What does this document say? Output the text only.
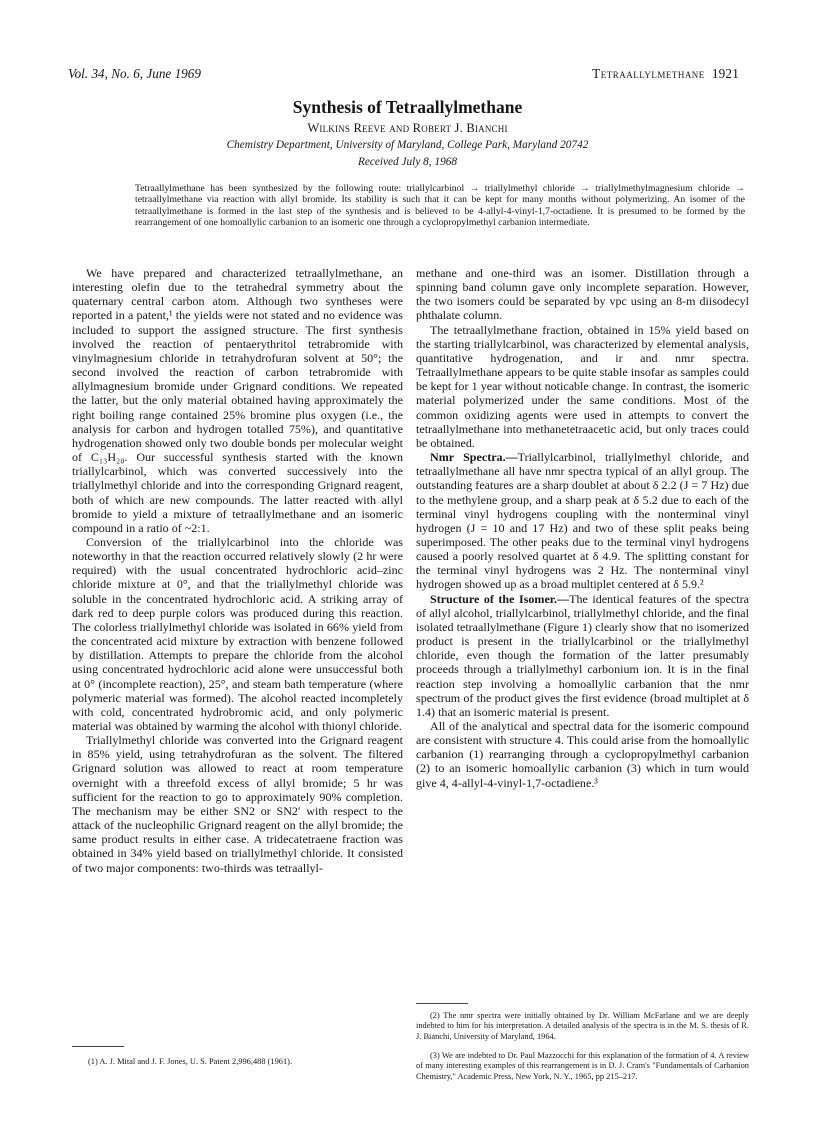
Vol. 34, No. 6, June 1969	Tetraallylmethane 1921
Synthesis of Tetraallylmethane
Wilkins Reeve and Robert J. Bianchi
Chemistry Department, University of Maryland, College Park, Maryland 20742
Received July 8, 1968

Tetraallylmethane has been synthesized by the following route: triallylcarbinol → triallylmethyl chloride → triallylmethylmagnesium chloride → tetraallylmethane via reaction with allyl bromide. Its stability is such that it can be kept for many months without polymerizing. An isomer of the tetraallylmethane is formed in the last step of the synthesis and is believed to be 4-allyl-4-vinyl-1,7-octadiene. It is presumed to be formed by the rearrangement of one homoallylic carbanion to an isomeric one through a cyclopropylmethyl carbanion intermediate.

We have prepared and characterized tetraallylmethane, an interesting olefin due to the tetrahedral symmetry about the quaternary central carbon atom. Although two syntheses were reported in a patent,¹ the yields were not stated and no evidence was included to support the assigned structure. The first synthesis involved the reaction of pentaerythritol tetrabromide with vinylmagnesium chloride in tetrahydrofuran solvent at 50°; the second involved the reaction of carbon tetrabromide with allylmagnesium bromide under Grignard conditions. We repeated the latter, but the only material obtained having approximately the right boiling range contained 25% bromine plus oxygen (i.e., the analysis for carbon and hydrogen totalled 75%), and quantitative hydrogenation showed only two double bonds per molecular weight of C₁₃H₂₀. Our successful synthesis started with the known triallylcarbinol, which was converted successively into the triallylmethyl chloride and into the corresponding Grignard reagent, both of which are new compounds. The latter reacted with allyl bromide to yield a mixture of tetraallylmethane and an isomeric compound in a ratio of ~2:1.

Conversion of the triallylcarbinol into the chloride was noteworthy in that the reaction occurred relatively slowly (2 hr were required) with the usual concentrated hydrochloric acid–zinc chloride mixture at 0°, and that the triallylmethyl chloride was soluble in the concentrated hydrochloric acid. A striking array of dark red to deep purple colors was produced during this reaction. The colorless triallylmethyl chloride was isolated in 66% yield from the concentrated acid mixture by extraction with benzene followed by distillation. Attempts to prepare the chloride from the alcohol using concentrated hydrochloric acid alone were unsuccessful both at 0° (incomplete reaction), 25°, and steam bath temperature (where polymeric material was formed). The alcohol reacted incompletely with cold, concentrated hydrobromic acid, and only polymeric material was obtained by warming the alcohol with thionyl chloride.

Triallylmethyl chloride was converted into the Grignard reagent in 85% yield, using tetrahydrofuran as the solvent. The filtered Grignard solution was allowed to react at room temperature overnight with a threefold excess of allyl bromide; 5 hr was sufficient for the reaction to go to approximately 90% completion. The mechanism may be either SN2 or SN2′ with respect to the attack of the nucleophilic Grignard reagent on the allyl bromide; the same product results in either case. A tridecatetraene fraction was obtained in 34% yield based on triallylmethyl chloride. It consisted of two major components: two-thirds was tetraallyl-

methane and one-third was an isomer. Distillation through a spinning band column gave only incomplete separation. However, the two isomers could be separated by vpc using an 8-m diisodecyl phthalate column.

The tetraallylmethane fraction, obtained in 15% yield based on the starting triallylcarbinol, was characterized by elemental analysis, quantitative hydrogenation, and ir and nmr spectra. Tetraallylmethane appears to be quite stable insofar as samples could be kept for 1 year without noticable change. In contrast, the isomeric material polymerized under the same conditions. Most of the common oxidizing agents were used in attempts to convert the tetraallylmethane into methanetetraacetic acid, but only traces could be obtained.

Nmr Spectra.—Triallylcarbinol, triallylmethyl chloride, and tetraallylmethane all have nmr spectra typical of an allyl group. The outstanding features are a sharp doublet at about δ 2.2 (J = 7 Hz) due to the methylene group, and a sharp peak at δ 5.2 due to each of the terminal vinyl hydrogens coupling with the nonterminal vinyl hydrogen (J = 10 and 17 Hz) and two of these split peaks being superimposed. The other peaks due to the terminal vinyl hydrogens caused a poorly resolved quartet at δ 4.9. The splitting constant for the terminal vinyl hydrogens was 2 Hz. The nonterminal vinyl hydrogen showed up as a broad multiplet centered at δ 5.9.²

Structure of the Isomer.—The identical features of the spectra of allyl alcohol, triallylcarbinol, triallylmethyl chloride, and the final isolated tetraallylmethane (Figure 1) clearly show that no isomerized product is present in the triallylcarbinol or the triallylmethyl chloride, even though the formation of the latter presumably proceeds through a triallylmethyl carbonium ion. It is in the final reaction step involving a homoallylic carbanion that the nmr spectrum of the product gives the first evidence (broad multiplet at δ 1.4) that an isomeric material is present.

All of the analytical and spectral data for the isomeric compound are consistent with structure 4. This could arise from the homoallylic carbanion (1) rearranging through a cyclopropylmethyl carbanion (2) to an isomeric homoallylic carbanion (3) which in turn would give 4, 4-allyl-4-vinyl-1,7-octadiene.³

(2) The nmr spectra were initially obtained by Dr. William McFarlane and we are deeply indebted to him for his interpretation. A detailed analysis of the spectra is in the M. S. thesis of R. J. Bianchi, University of Maryland, 1964.

(3) We are indebted to Dr. Paul Mazzocchi for this explanation of the formation of 4. A review of many interesting examples of this rearrangement is in D. J. Cram's "Fundamentals of Carbanion Chemistry," Academic Press, New York, N. Y., 1965, pp 215–217.

(1) A. J. Mital and J. F. Jones, U. S. Patent 2,996,488 (1961).
